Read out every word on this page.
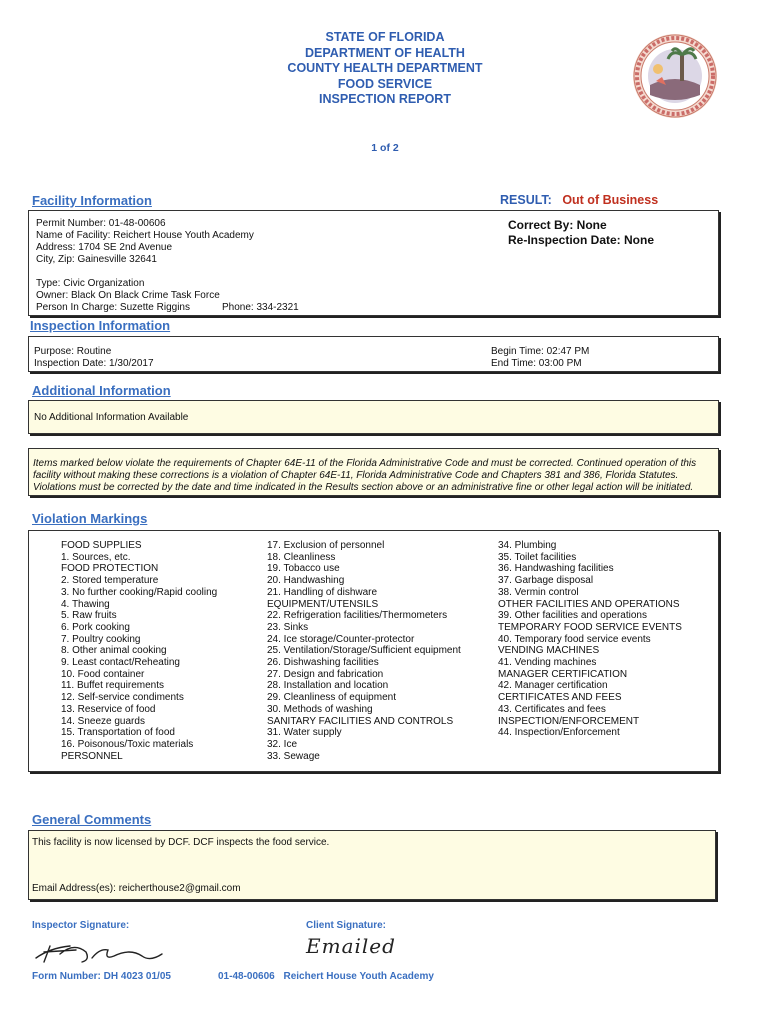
STATE OF FLORIDA
DEPARTMENT OF HEALTH
COUNTY HEALTH DEPARTMENT
FOOD SERVICE
INSPECTION REPORT
1 of 2
Facility Information	RESULT: Out of Business
Permit Number: 01-48-00606
Name of Facility: Reichert House Youth Academy
Address: 1704 SE 2nd Avenue
City, Zip: Gainesville 32641
Type: Civic Organization
Owner: Black On Black Crime Task Force
Person In Charge: Suzette Riggins	Phone: 334-2321
Correct By: None
Re-Inspection Date: None
Inspection Information
Purpose: Routine
Inspection Date: 1/30/2017
Begin Time: 02:47 PM
End Time: 03:00 PM
Additional Information
No Additional Information Available
Items marked below violate the requirements of Chapter 64E-11 of the Florida Administrative Code and must be corrected. Continued operation of this
facility without making these corrections is a violation of Chapter 64E-11, Florida Administrative Code and Chapters 381 and 386, Florida Statutes.
Violations must be corrected by the date and time indicated in the Results section above or an administrative fine or other legal action will be initiated.
Violation Markings
FOOD SUPPLIES
1. Sources, etc.
FOOD PROTECTION
2. Stored temperature
3. No further cooking/Rapid cooling
4. Thawing
5. Raw fruits
6. Pork cooking
7. Poultry cooking
8. Other animal cooking
9. Least contact/Reheating
10. Food container
11. Buffet requirements
12. Self-service condiments
13. Reservice of food
14. Sneeze guards
15. Transportation of food
16. Poisonous/Toxic materials
PERSONNEL
17. Exclusion of personnel
18. Cleanliness
19. Tobacco use
20. Handwashing
21. Handling of dishware
EQUIPMENT/UTENSILS
22. Refrigeration facilities/Thermometers
23. Sinks
24. Ice storage/Counter-protector
25. Ventilation/Storage/Sufficient equipment
26. Dishwashing facilities
27. Design and fabrication
28. Installation and location
29. Cleanliness of equipment
30. Methods of washing
SANITARY FACILITIES AND CONTROLS
31. Water supply
32. Ice
33. Sewage
34. Plumbing
35. Toilet facilities
36. Handwashing facilities
37. Garbage disposal
38. Vermin control
OTHER FACILITIES AND OPERATIONS
39. Other facilities and operations
TEMPORARY FOOD SERVICE EVENTS
40. Temporary food service events
VENDING MACHINES
41. Vending machines
MANAGER CERTIFICATION
42. Manager certification
CERTIFICATES AND FEES
43. Certificates and fees
INSPECTION/ENFORCEMENT
44. Inspection/Enforcement
General Comments
This facility is now licensed by DCF. DCF inspects the food service.
Email Address(es): reicherthouse2@gmail.com
Inspector Signature:	Client Signature:
Emailed
Form Number: DH 4023 01/05	01-48-00606 Reichert House Youth Academy
